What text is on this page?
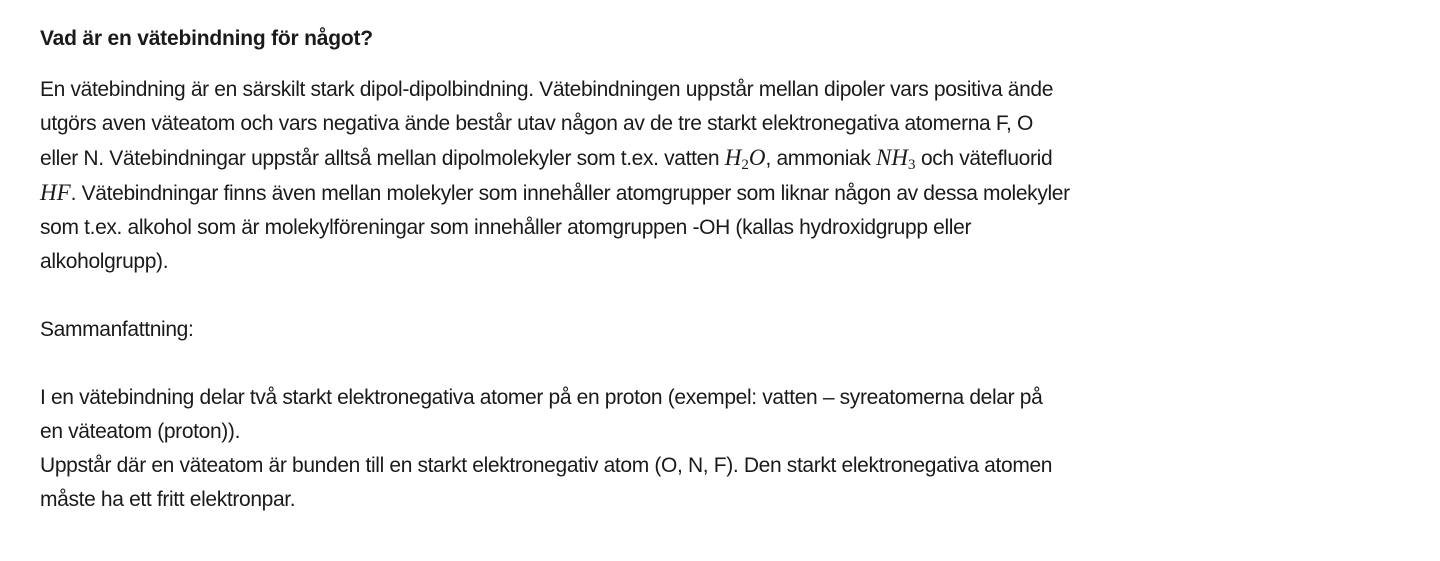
Vad är en vätebindning för något?
En vätebindning är en särskilt stark dipol-dipolbindning. Vätebindningen uppstår mellan dipoler vars positiva ände
utgörs aven väteatom och vars negativa ände består utav någon av de tre starkt elektronegativa atomerna F, O
eller N. Vätebindningar uppstår alltså mellan dipolmolekyler som t.ex. vatten $H_2O$, ammoniak $NH_3$ och vätefluorid
HF. Vätebindningar finns även mellan molekyler som innehåller atomgrupper som liknar någon av dessa molekyler
som t.ex. alkohol som är molekylföreningar som innehåller atomgruppen -OH (kallas hydroxidgrupp eller
alkoholgrupp).
Sammanfattning:
I en vätebindning delar två starkt elektronegativa atomer på en proton (exempel: vatten – syreatomerna delar på
en väteatom (proton)).
Uppstår där en väteatom är bunden till en starkt elektronegativ atom (O, N, F). Den starkt elektronegativa atomen
måste ha ett fritt elektronpar.
